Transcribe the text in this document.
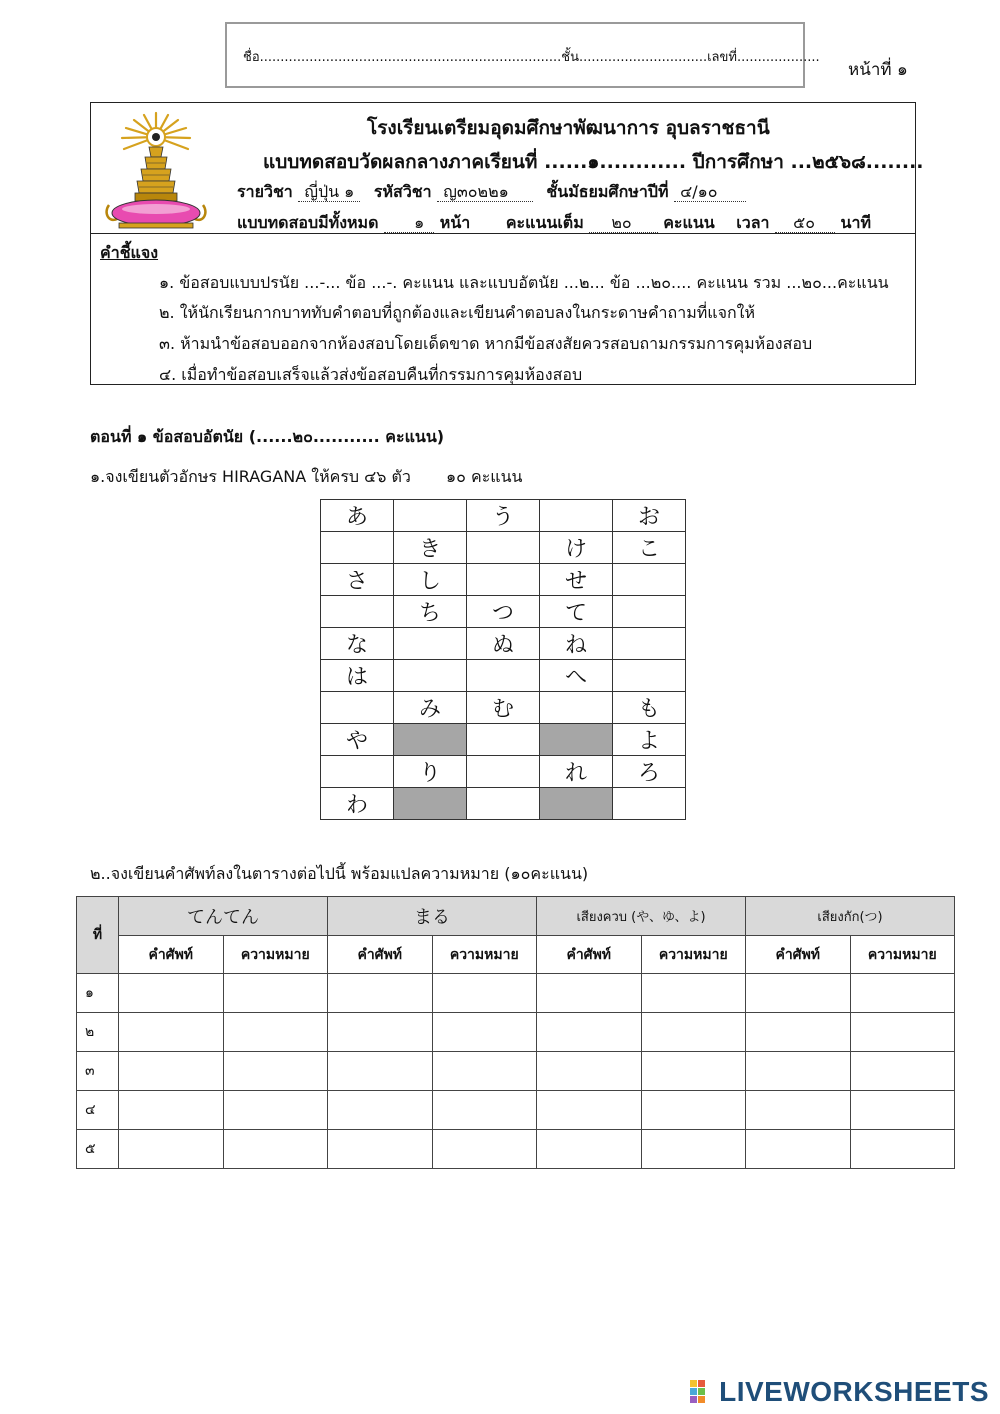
ชื่อ.........................................................................ชั้น...............................เลขที่....................
หน้าที่ ๑
โรงเรียนเตรียมอุดมศึกษาพัฒนาการ อุบลราชธานี
แบบทดสอบวัดผลกลางภาคเรียนที่ ......๑............ ปีการศึกษา ...๒๕๖๘........
รายวิชา ญี่ปุ่น ๑ รหัสวิชา ญ๓๐๒๒๑ ชั้นมัธยมศึกษาปีที่ ๔/๑๐
แบบทดสอบมีทั้งหมด ๑ หน้า คะแนนเต็ม ๒๐ คะแนน เวลา ๕๐ นาที
คำชี้แจง
๑. ข้อสอบแบบปรนัย ...-... ข้อ ...-. คะแนน และแบบอัตนัย ...๒... ข้อ ...๒๐.... คะแนน รวม ...๒๐...คะแนน
๒. ให้นักเรียนกากบาททับคำตอบที่ถูกต้องและเขียนคำตอบลงในกระดาษคำถามที่แจกให้
๓. ห้ามนำข้อสอบออกจากห้องสอบโดยเด็ดขาด หากมีข้อสงสัยควรสอบถามกรรมการคุมห้องสอบ
๔. เมื่อทำข้อสอบเสร็จแล้วส่งข้อสอบคืนที่กรรมการคุมห้องสอบ
ตอนที่ ๑ ข้อสอบอัตนัย (......๒๐........... คะแนน)
๑.จงเขียนตัวอักษร HIRAGANA ให้ครบ ๔๖ ตัว ๑๐ คะแนน
あ		う		お
	き		け	こ
さ	し		せ	
	ち	つ	て	
な		ぬ	ね	
は			へ	
	み	む		も
や				よ
	り		れ	ろ
わ				
๒..จงเขียนคำศัพท์ลงในตารางต่อไปนี้ พร้อมแปลความหมาย (๑๐คะแนน)
ที่	てんてん		まる		เสียงควบ (や、ゆ、よ)		เสียงกัก(つ)	
	คำศัพท์	ความหมาย	คำศัพท์	ความหมาย	คำศัพท์	ความหมาย	คำศัพท์	ความหมาย
๑								
๒								
๓								
๔								
๕								
LIVEWORKSHEETS
